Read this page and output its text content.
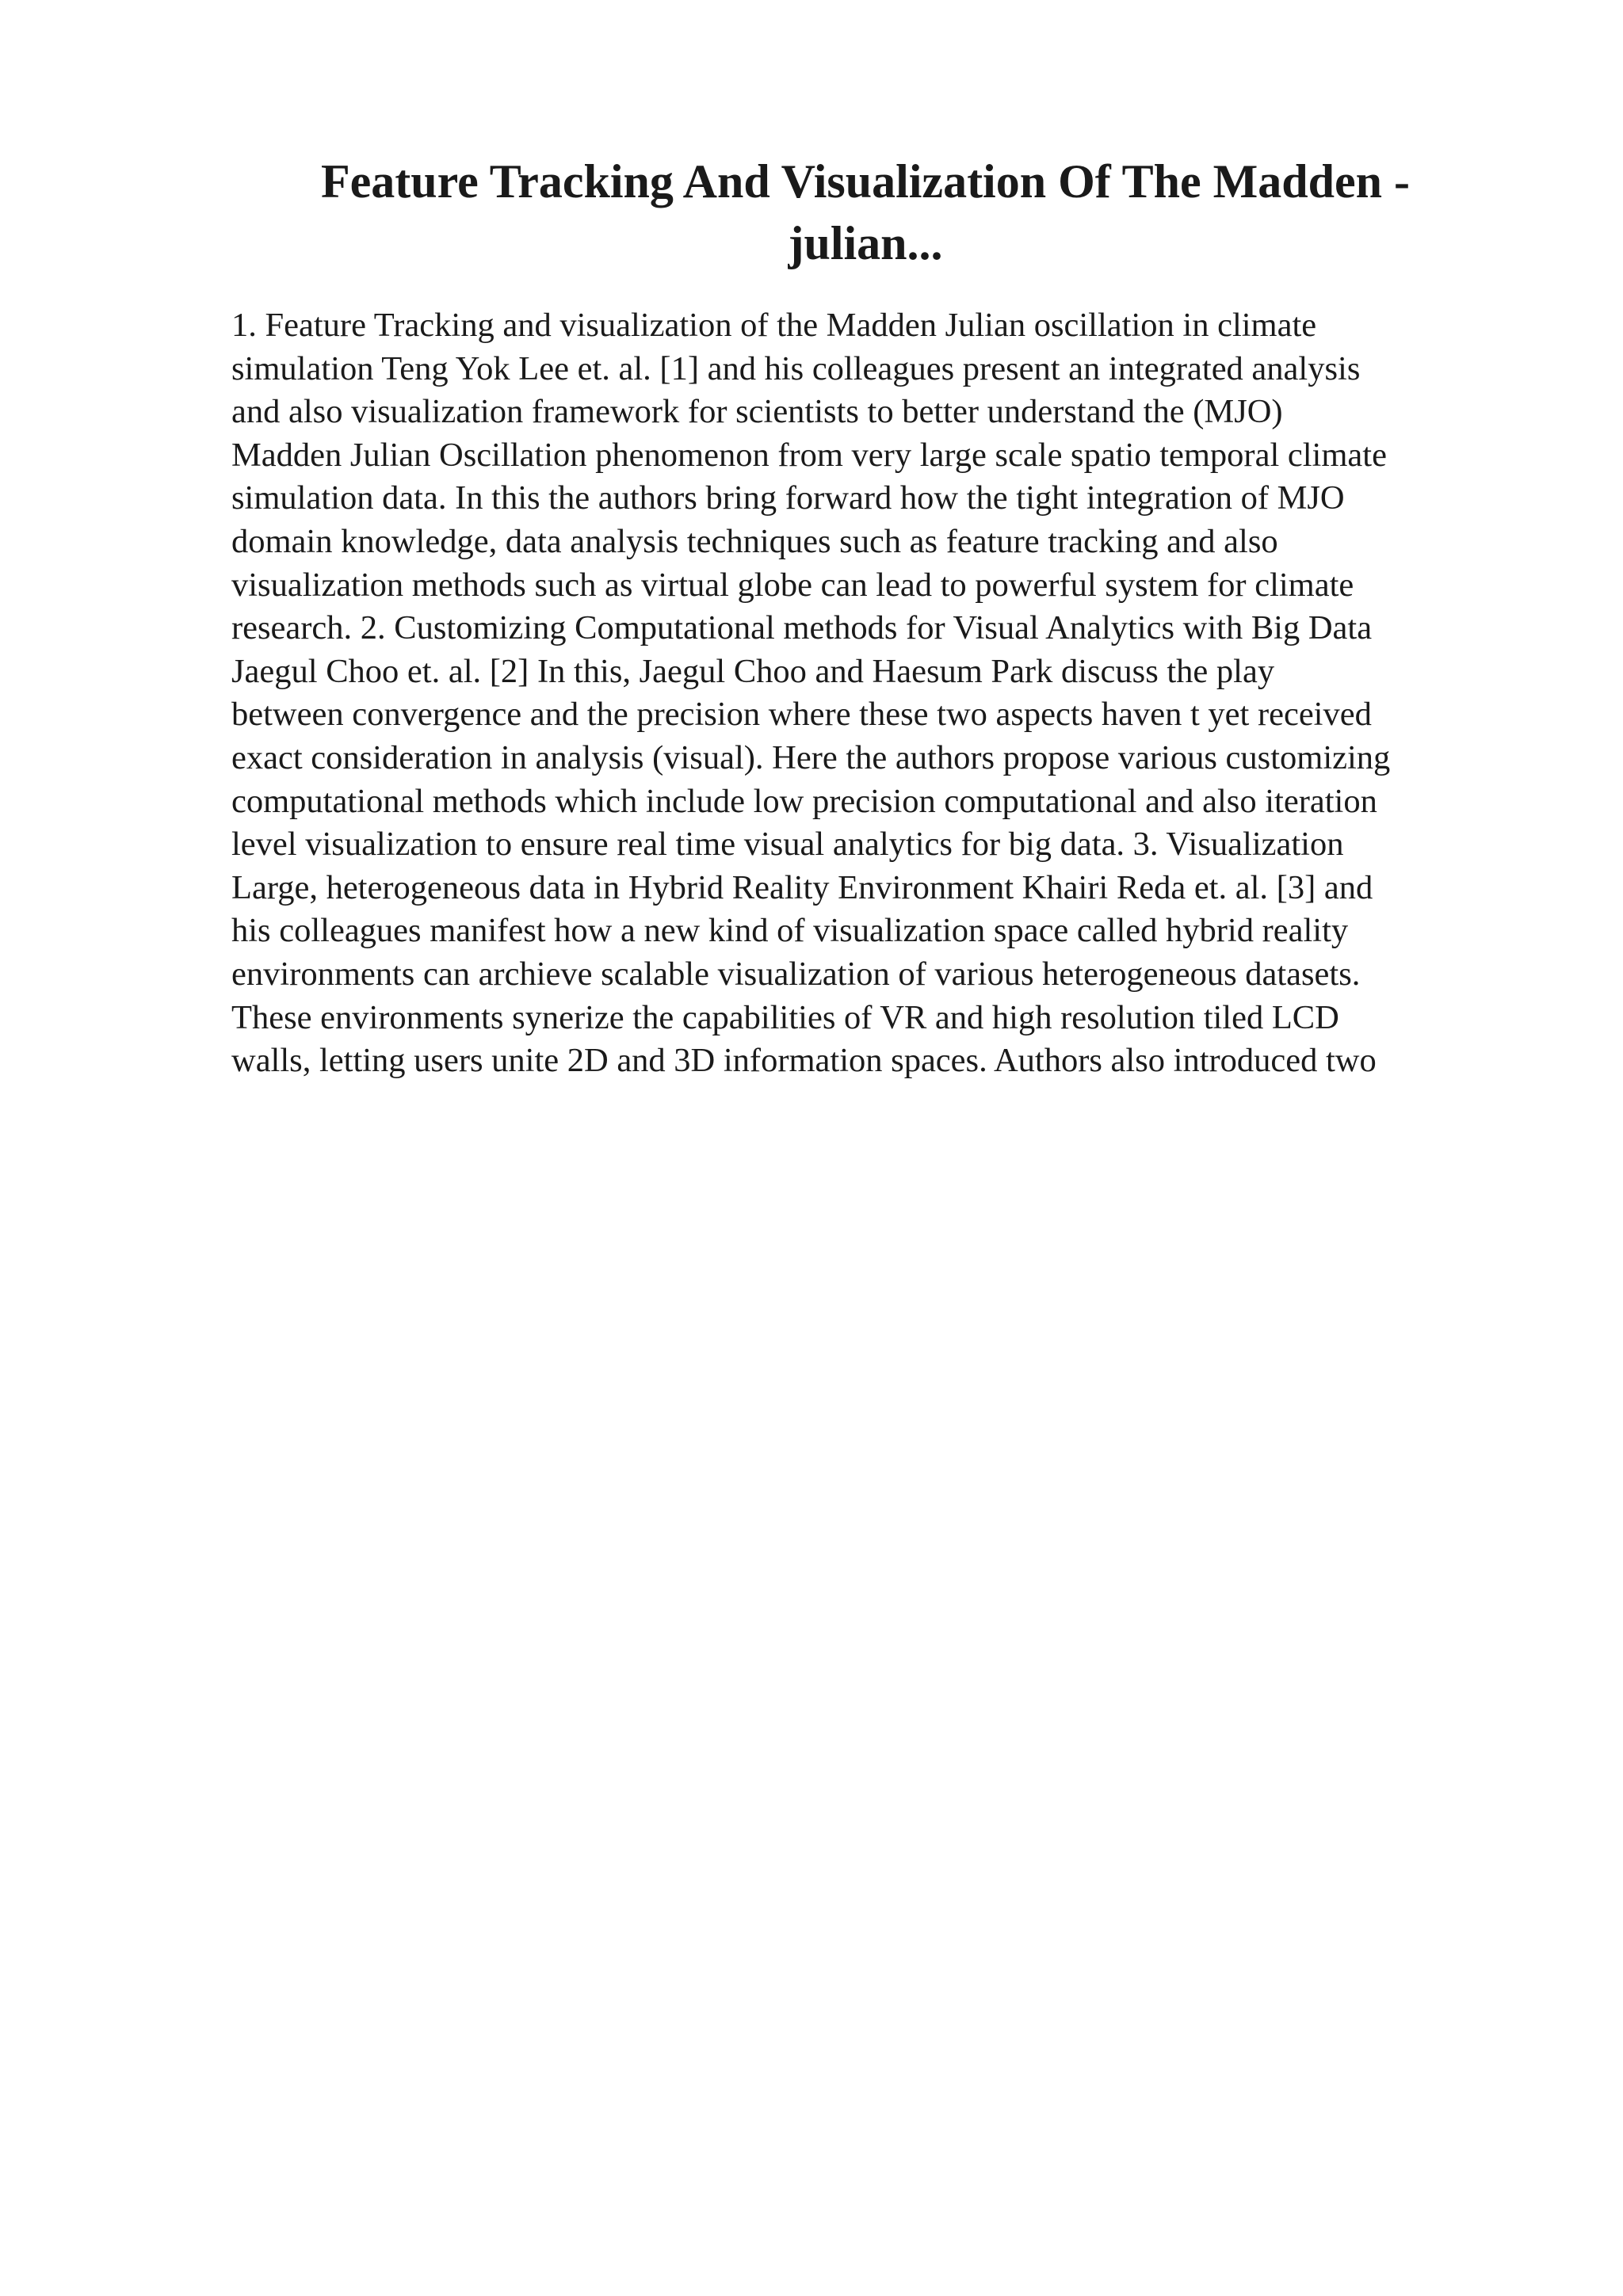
Feature Tracking And Visualization Of The Madden -
julian...
1. Feature Tracking and visualization of the Madden Julian oscillation in climate
simulation Teng Yok Lee et. al. [1] and his colleagues present an integrated analysis
and also visualization framework for scientists to better understand the (MJO)
Madden Julian Oscillation phenomenon from very large scale spatio temporal climate
simulation data. In this the authors bring forward how the tight integration of MJO
domain knowledge, data analysis techniques such as feature tracking and also
visualization methods such as virtual globe can lead to powerful system for climate
research. 2. Customizing Computational methods for Visual Analytics with Big Data
Jaegul Choo et. al. [2] In this, Jaegul Choo and Haesum Park discuss the play
between convergence and the precision where these two aspects haven t yet received
exact consideration in analysis (visual). Here the authors propose various customizing
computational methods which include low precision computational and also iteration
level visualization to ensure real time visual analytics for big data. 3. Visualization
Large, heterogeneous data in Hybrid Reality Environment Khairi Reda et. al. [3] and
his colleagues manifest how a new kind of visualization space called hybrid reality
environments can archieve scalable visualization of various heterogeneous datasets.
These environments synerize the capabilities of VR and high resolution tiled LCD
walls, letting users unite 2D and 3D information spaces. Authors also introduced two
